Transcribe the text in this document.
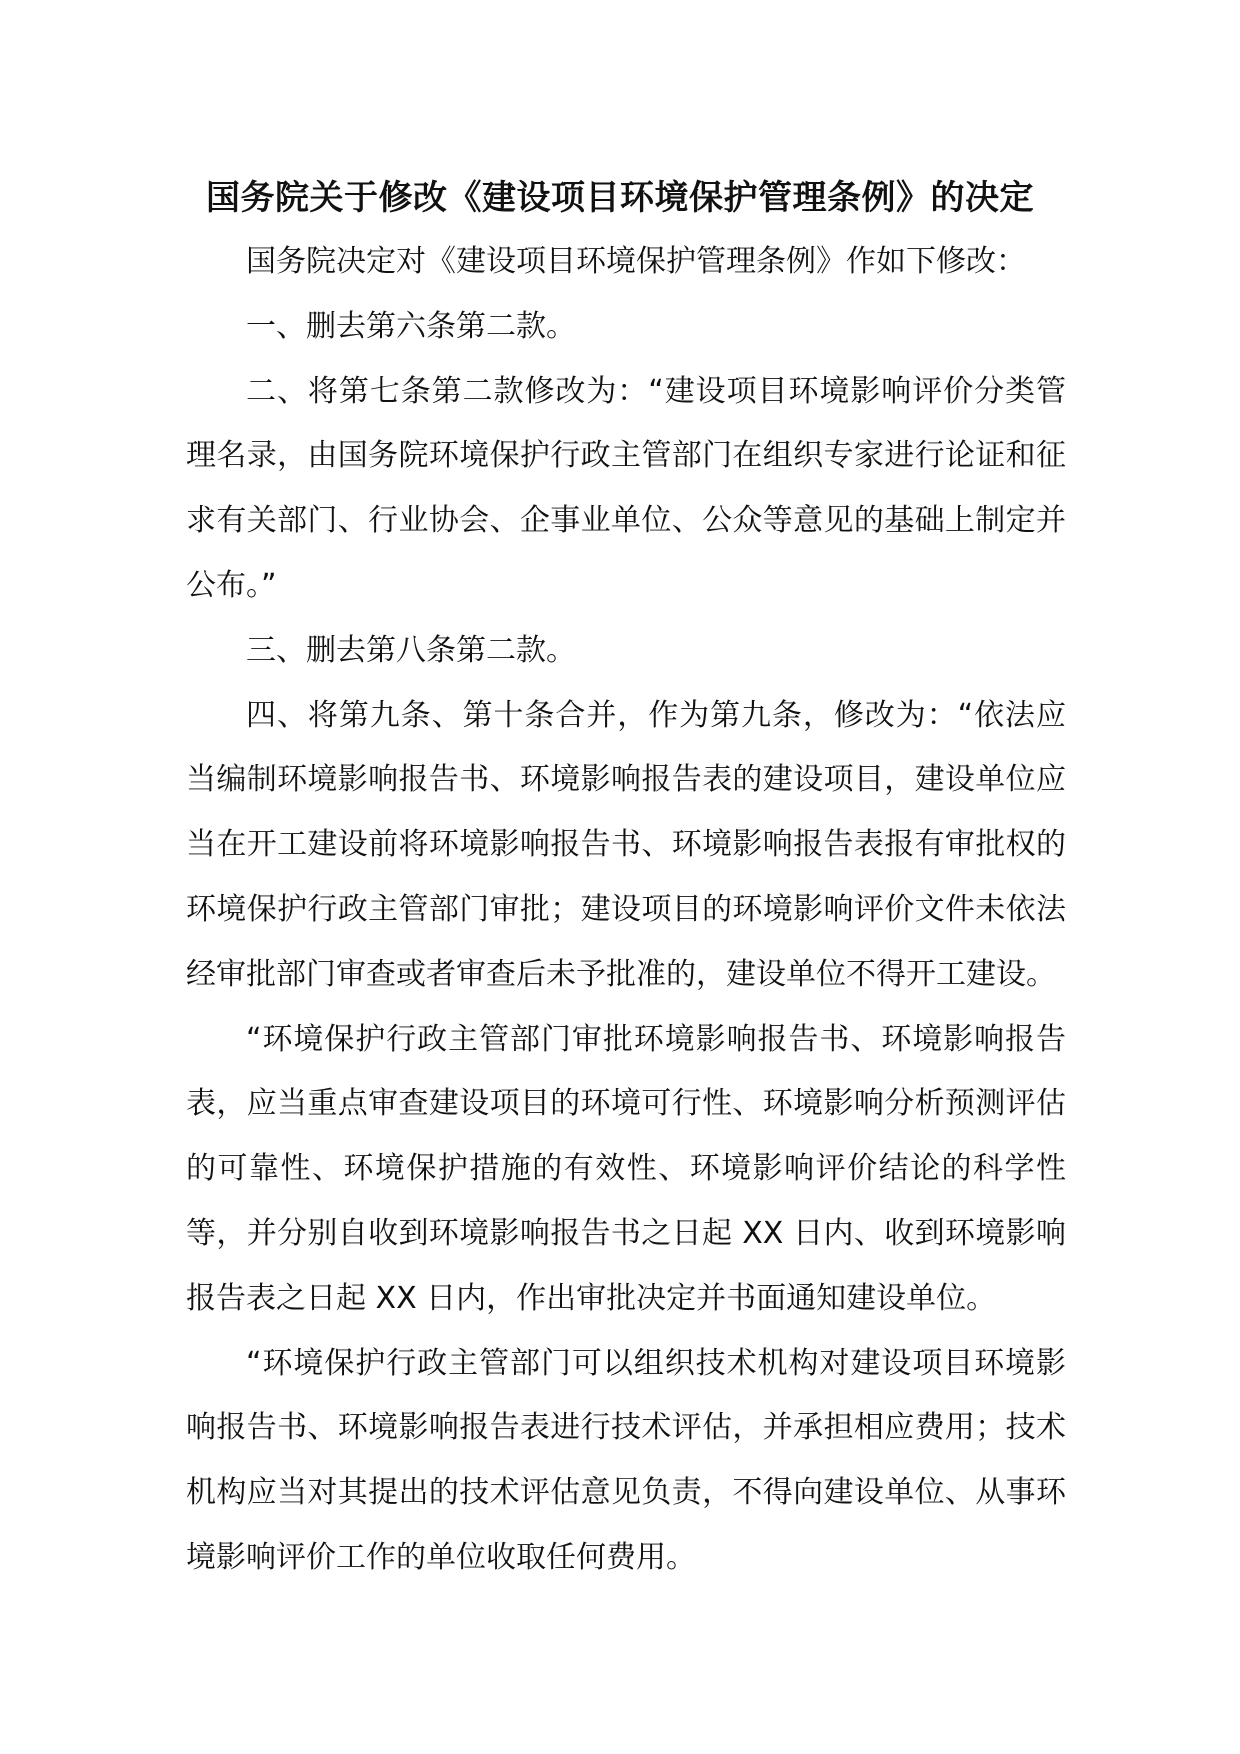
国务院关于修改《建设项目环境保护管理条例》的决定

国务院决定对《建设项目环境保护管理条例》作如下修改：

一、删去第六条第二款。

二、将第七条第二款修改为：“建设项目环境影响评价分类管理名录，由国务院环境保护行政主管部门在组织专家进行论证和征求有关部门、行业协会、企事业单位、公众等意见的基础上制定并公布。”

三、删去第八条第二款。

四、将第九条、第十条合并，作为第九条，修改为：“依法应当编制环境影响报告书、环境影响报告表的建设项目，建设单位应当在开工建设前将环境影响报告书、环境影响报告表报有审批权的环境保护行政主管部门审批；建设项目的环境影响评价文件未依法经审批部门审查或者审查后未予批准的，建设单位不得开工建设。

“环境保护行政主管部门审批环境影响报告书、环境影响报告表，应当重点审查建设项目的环境可行性、环境影响分析预测评估的可靠性、环境保护措施的有效性、环境影响评价结论的科学性等，并分别自收到环境影响报告书之日起 XX 日内、收到环境影响报告表之日起 XX 日内，作出审批决定并书面通知建设单位。

“环境保护行政主管部门可以组织技术机构对建设项目环境影响报告书、环境影响报告表进行技术评估，并承担相应费用；技术机构应当对其提出的技术评估意见负责，不得向建设单位、从事环境影响评价工作的单位收取任何费用。
